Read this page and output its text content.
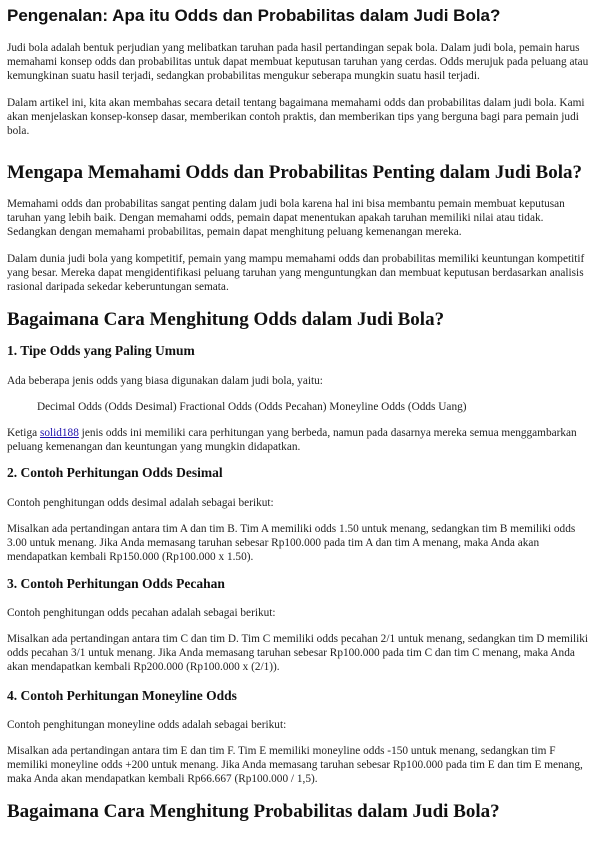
Pengenalan: Apa itu Odds dan Probabilitas dalam Judi Bola?

Judi bola adalah bentuk perjudian yang melibatkan taruhan pada hasil pertandingan sepak bola. Dalam judi bola, pemain harus memahami konsep odds dan probabilitas untuk dapat membuat keputusan taruhan yang cerdas. Odds merujuk pada peluang atau kemungkinan suatu hasil terjadi, sedangkan probabilitas mengukur seberapa mungkin suatu hasil terjadi.

Dalam artikel ini, kita akan membahas secara detail tentang bagaimana memahami odds dan probabilitas dalam judi bola. Kami akan menjelaskan konsep-konsep dasar, memberikan contoh praktis, dan memberikan tips yang berguna bagi para pemain judi bola.

Mengapa Memahami Odds dan Probabilitas Penting dalam Judi Bola?

Memahami odds dan probabilitas sangat penting dalam judi bola karena hal ini bisa membantu pemain membuat keputusan taruhan yang lebih baik. Dengan memahami odds, pemain dapat menentukan apakah taruhan memiliki nilai atau tidak. Sedangkan dengan memahami probabilitas, pemain dapat menghitung peluang kemenangan mereka.

Dalam dunia judi bola yang kompetitif, pemain yang mampu memahami odds dan probabilitas memiliki keuntungan kompetitif yang besar. Mereka dapat mengidentifikasi peluang taruhan yang menguntungkan dan membuat keputusan berdasarkan analisis rasional daripada sekedar keberuntungan semata.

Bagaimana Cara Menghitung Odds dalam Judi Bola?
1. Tipe Odds yang Paling Umum

Ada beberapa jenis odds yang biasa digunakan dalam judi bola, yaitu:

Decimal Odds (Odds Desimal) Fractional Odds (Odds Pecahan) Moneyline Odds (Odds Uang)

Ketiga solid188 jenis odds ini memiliki cara perhitungan yang berbeda, namun pada dasarnya mereka semua menggambarkan peluang kemenangan dan keuntungan yang mungkin didapatkan.

2. Contoh Perhitungan Odds Desimal

Contoh penghitungan odds desimal adalah sebagai berikut:

Misalkan ada pertandingan antara tim A dan tim B. Tim A memiliki odds 1.50 untuk menang, sedangkan tim B memiliki odds 3.00 untuk menang. Jika Anda memasang taruhan sebesar Rp100.000 pada tim A dan tim A menang, maka Anda akan mendapatkan kembali Rp150.000 (Rp100.000 x 1.50).

3. Contoh Perhitungan Odds Pecahan

Contoh penghitungan odds pecahan adalah sebagai berikut:

Misalkan ada pertandingan antara tim C dan tim D. Tim C memiliki odds pecahan 2/1 untuk menang, sedangkan tim D memiliki odds pecahan 3/1 untuk menang. Jika Anda memasang taruhan sebesar Rp100.000 pada tim C dan tim C menang, maka Anda akan mendapatkan kembali Rp200.000 (Rp100.000 x (2/1)).

4. Contoh Perhitungan Moneyline Odds

Contoh penghitungan moneyline odds adalah sebagai berikut:

Misalkan ada pertandingan antara tim E dan tim F. Tim E memiliki moneyline odds -150 untuk menang, sedangkan tim F memiliki moneyline odds +200 untuk menang. Jika Anda memasang taruhan sebesar Rp100.000 pada tim E dan tim E menang, maka Anda akan mendapatkan kembali Rp66.667 (Rp100.000 / 1,5).

Bagaimana Cara Menghitung Probabilitas dalam Judi Bola?
